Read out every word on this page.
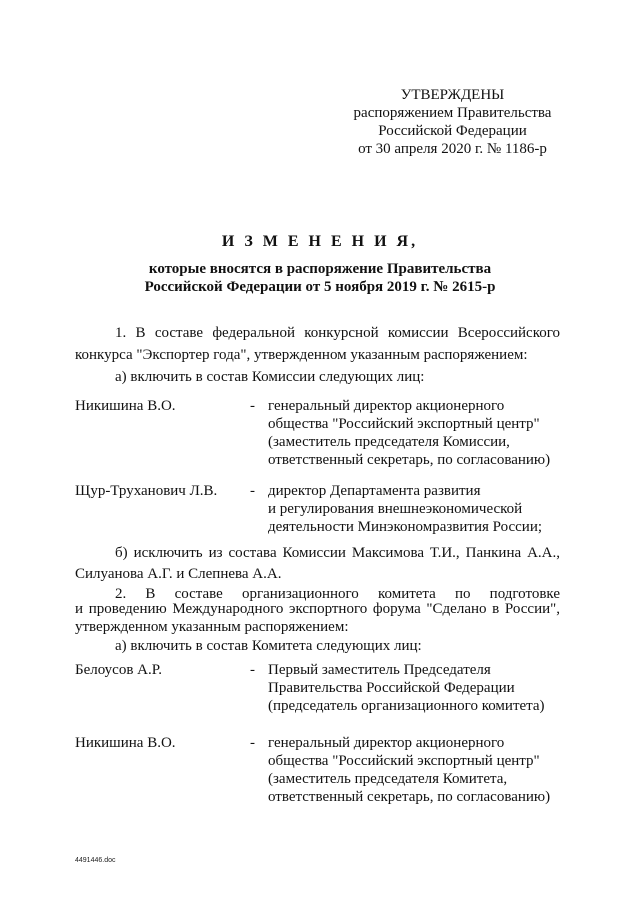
УТВЕРЖДЕНЫ
распоряжением Правительства
Российской Федерации
от 30 апреля 2020 г. № 1186-р
И З М Е Н Е Н И Я,
которые вносятся в распоряжение Правительства
Российской Федерации от 5 ноября 2019 г. № 2615-р
1. В составе федеральной конкурсной комиссии Всероссийского
конкурса "Экспортер года", утвержденном указанным распоряжением:
а) включить в состав Комиссии следующих лиц:
Никишина В.О.	- генеральный директор акционерного
общества "Российский экспортный центр"
(заместитель председателя Комиссии,
ответственный секретарь, по согласованию)
Щур-Труханович Л.В.	- директор Департамента развития
и регулирования внешнеэкономической
деятельности Минэкономразвития России;
б) исключить из состава Комиссии Максимова Т.И., Панкина А.А.,
Силуанова А.Г. и Слепнева А.А.
2. В составе организационного комитета по подготовке
и проведению Международного экспортного форума "Сделано в России",
утвержденном указанным распоряжением:
а) включить в состав Комитета следующих лиц:
Белоусов А.Р.	- Первый заместитель Председателя
Правительства Российской Федерации
(председатель организационного комитета)
Никишина В.О.	- генеральный директор акционерного
общества "Российский экспортный центр"
(заместитель председателя Комитета,
ответственный секретарь, по согласованию)
4491446.doc
